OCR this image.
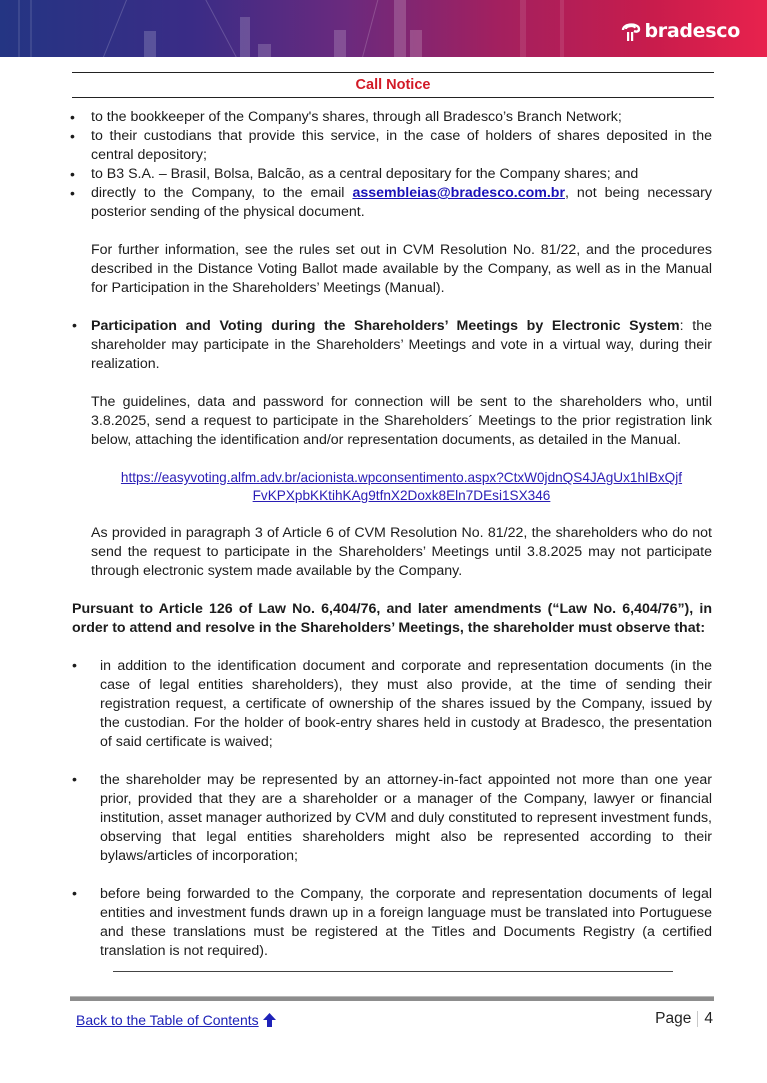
bradesco
Call Notice
• to the bookkeeper of the Company's shares, through all Bradesco’s Branch Network;
• to their custodians that provide this service, in the case of holders of shares deposited in the central depository;
• to B3 S.A. – Brasil, Bolsa, Balcão, as a central depositary for the Company shares; and
• directly to the Company, to the email assembleias@bradesco.com.br, not being necessary posterior sending of the physical document.

For further information, see the rules set out in CVM Resolution No. 81/22, and the procedures described in the Distance Voting Ballot made available by the Company, as well as in the Manual for Participation in the Shareholders’ Meetings (Manual).

• Participation and Voting during the Shareholders’ Meetings by Electronic System: the shareholder may participate in the Shareholders’ Meetings and vote in a virtual way, during their realization.

The guidelines, data and password for connection will be sent to the shareholders who, until 3.8.2025, send a request to participate in the Shareholders´ Meetings to the prior registration link below, attaching the identification and/or representation documents, as detailed in the Manual.

https://easyvoting.alfm.adv.br/acionista.wpconsentimento.aspx?CtxW0jdnQS4JAgUx1hIBxQjf
FvKPXpbKKtihKAg9tfnX2Doxk8Eln7DEsi1SX346

As provided in paragraph 3 of Article 6 of CVM Resolution No. 81/22, the shareholders who do not send the request to participate in the Shareholders’ Meetings until 3.8.2025 may not participate through electronic system made available by the Company.

Pursuant to Article 126 of Law No. 6,404/76, and later amendments (“Law No. 6,404/76”), in order to attend and resolve in the Shareholders’ Meetings, the shareholder must observe that:

• in addition to the identification document and corporate and representation documents (in the case of legal entities shareholders), they must also provide, at the time of sending their registration request, a certificate of ownership of the shares issued by the Company, issued by the custodian. For the holder of book-entry shares held in custody at Bradesco, the presentation of said certificate is waived;
• the shareholder may be represented by an attorney-in-fact appointed not more than one year prior, provided that they are a shareholder or a manager of the Company, lawyer or financial institution, asset manager authorized by CVM and duly constituted to represent investment funds, observing that legal entities shareholders might also be represented according to their bylaws/articles of incorporation;
• before being forwarded to the Company, the corporate and representation documents of legal entities and investment funds drawn up in a foreign language must be translated into Portuguese and these translations must be registered at the Titles and Documents Registry (a certified translation is not required).
Back to the Table of Contents	Page 4
